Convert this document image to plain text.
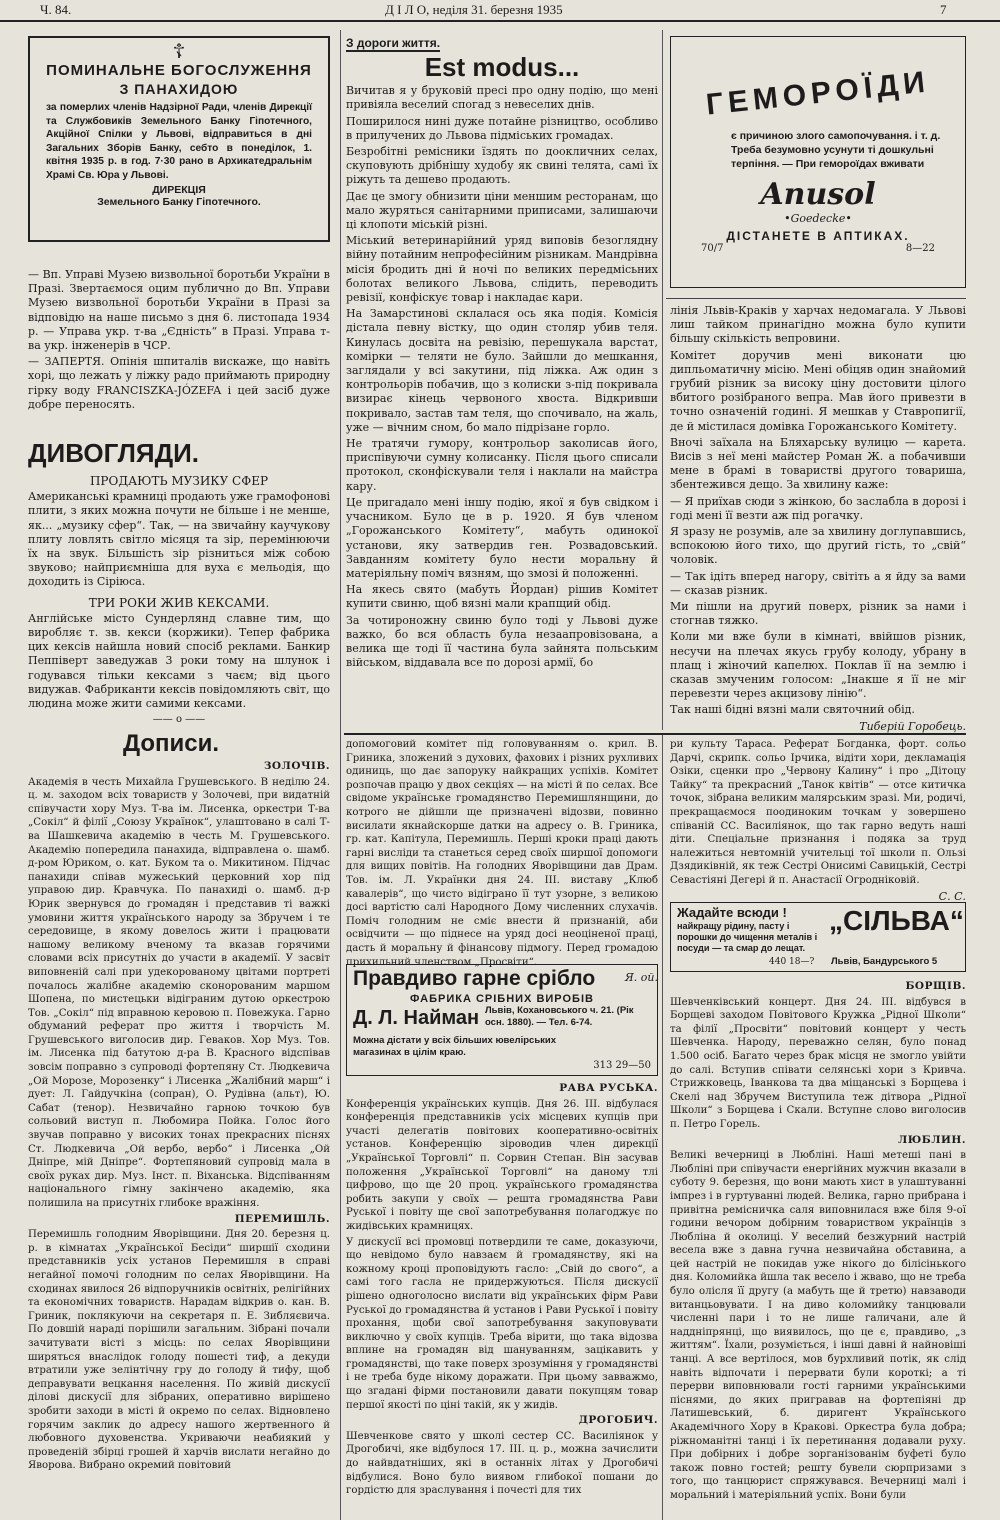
Ч. 84.	Д І Л О, неділя 31. березня 1935	7
☦
ПОМИНАЛЬНЕ БОГОСЛУЖЕННЯ
З ПАНАХИДОЮ
за померлих членів Надзірної Ради, членів Дирекції та Службовиків Земельного Банку Гіпотечного, Акційної Спілки у Львові, відправиться в дні Загальних Зборів Банку, себто в понеділок, 1. квітня 1935 р. в год. 7·30 рано в Архикатедральнім Храмі Св. Юра у Львові.
ДИРЕКЦІЯ
Земельного Банку Гіпотечного.

— Вп. Управі Музею визвольної боротьби України в Празі. Звертаємося оцим публично до Вп. Управи Музею визвольної боротьби України в Празі за відповідю на наше письмо з дня 6. листопада 1934 р. — Управа укр. т-ва „Єдність“ в Празі. Управа т-ва укр. інженерів в ЧСР.

— ЗАПЕРТЯ. Опінія шпиталів вискаже, що навіть хорі, що лежать у ліжку радо приймають природну гірку воду FRANCISZKA-JÓZEFA і цей засіб дуже добре переносять.

ДИВОГЛЯДИ.
ПРОДАЮТЬ МУЗИКУ СФЕР

Американські крамниці продають уже грамофонові плити, з яких можна почути не більше і не менше, як... „музику сфер“. Так, — на звичайну каучукову плиту ловлять світло місяця та зір, перемінюючи їх на звук. Більшість зір різниться між собою звуково; найприємніша для вуха є мельодія, що доходить із Сіріюса.

ТРИ РОКИ ЖИВ КЕКСАМИ.

Англійське місто Сундерлянд славне тим, що виробляє т. зв. кекси (коржики). Тепер фабрика цих кексів найшла новий спосіб реклами. Банкир Пеппіверт заведужав 3 роки тому на шлунок і годувався тільки кексами з чаєм; від цього видужав. Фабриканти кексів повідомляють світ, що людина може жити самими кексами.

—— о ——
Дописи.
ЗОЛОЧІВ.

Академія в честь Михайла Грушевського. В неділю 24. ц. м. заходом всіх товариств у Золочеві, при видатній співучасти хору Муз. Т-ва ім. Лисенка, оркестри Т-ва „Сокіл“ й філії „Союзу Українок“, улаштовано в салі Т-ва Шашкевича академію в честь М. Грушевського. Академію попередила панахида, відправлена о. шамб. д-ром Юриком, о. кат. Буком та о. Микитином. Підчас панахиди співав мужеський церковний хор під управою дир. Кравчука. По панахиді о. шамб. д-р Юрик звернувся до громадян і представив ті важкі умовини життя українського народу за Збручем і те середовище, в якому довелось жити і працювати нашому великому вченому та вказав горячими словами всіх присутніх до участи в академії. У засвіт виповненій салі при удекорованому цвітами портреті почалось жалібне академію сконорованим маршом Шопена, по мистецьки відіграним дутою оркестрою Тов. „Сокіл“ під вправною керовою п. Повежука. Гарно обдуманий реферат про життя і творчість М. Грушевського виголосив дир. Геваков. Хор Муз. Тов. ім. Лисенка під батутою д-ра В. Красного відспівав зовсім поправно з супроводі фортепяну Ст. Людкевича „Ой Морозе, Морозенку“ і Лисенка „Жалібний марш“ і дует: Л. Гайдучкіна (сопран), О. Рудівна (альт), Ю. Сабат (тенор). Незвичайно гарною точкою був сольовий виступ п. Любомира Пойка. Голос його звучав поправно у високих тонах прекрасних піснях Ст. Людкевича „Ой вербо, вербо“ і Лисенка „Ой Дніпре, мій Дніпре“. Фортепяновий супровід мала в своїх руках дир. Муз. Інст. п. Віханська. Відспіванням національного гімну закінчено академію, яка полишила на присутніх глибоке вражіння.

ПЕРЕМИШЛЬ.

Перемишль голодним Яворівщини. Дня 20. березня ц. р. в кімнатах „Української Бесіди“ ширшії сходини представників усіх установ Перемишля в справі негайної помочі голодним по селах Яворівщини. На сходинах явилося 26 відпоручників освітніх, релігійних та економічних товариств. Нарадам відкрив о. кан. В. Гриник, поклякуючи на секретаря п. Е. Зибляєвича. По довшій нараді порішили загальним. Зібрані почали зачитувати вісті з місць: по селах Яворівщини ширяться внаслідок голоду пошесті тиф, а декуди втратили уже зелінтічну гру до голоду й тифу, щоб деправувати вецкання населення. По живій дискусії ділові дискусії для зібраних, оперативно вирішено зробити заходи в місті й окремо по селах. Відновлено горячим заклик до адресу нашого жертвенного й любовного духовенства. Укриваючи неабиякий у проведеній збірці грошей й харчів вислати негайно до Яворова. Вибрано окремий повітовий

З дороги життя.
Est modus...

Вичитав я у бруковій пресі про одну подію, що мені привіяла веселий спогад з невеселих днів.

Поширилося нині дуже потайне різництво, особливо в прилучених до Львова підміських громадах.

Безробітні ремісники їздять по доокличних селах, скуповують дрібнішу худобу як свині телята, самі їх ріжуть та дешево продають.

Дає це змогу обнизити ціни меншим ресторанам, що мало журяться санітарними приписами, залишаючи ці клопоти міській різні.

Міський ветеринарійний уряд виповів безоглядну війну потайним непрофесійним різникам. Мандрівна місія бродить дні й ночі по великих передмісьних болотах великого Львова, слідить, переводить ревізії, конфіскує товар і накладає кари.

На Замарстинові склалася ось яка подія. Комісія дістала певну вістку, що один столяр убив теля. Кинулась досвіта на ревізію, перешукала варстат, комірки — теляти не було. Зайшли до мешкання, заглядали у всі закутини, під ліжка. Аж один з контрольорів побачив, що з колиски з-під покривала визирає кінець червоного хвоста. Відкривши покривало, застав там теля, що спочивало, на жаль, уже — вічним сном, бо мало підрізане горло.

Не тратячи гумору, контрольор заколисав його, приспівуючи сумну колисанку. Після цього списали протокол, сконфіскували теля і наклали на майстра кару.

Це пригадало мені іншу подію, якої я був свідком і учасником. Було це в р. 1920. Я був членом „Горожанського Комітету“, мабуть одинокої установи, яку затвердив ген. Розвадовський. Завданням комітету було нести моральну й матеріяльну поміч вязням, що змозі й положенні.

На якесь свято (мабуть Йордан) рішив Комітет купити свиню, щоб вязні мали крапщий обід.

За чотироножну свиню було тоді у Львові дуже важко, бо вся область була незаапровізована, а велика ще тоді її частина була зайнята польським військом, віддавала все по дорозі армії, бо

ГЕМОРОЇДИ
є причиною злого самопочування. і т. д. Треба безумовно усунути ті дошкульні терпіння. — При гемороїдах вживати
Anusol
•Goedecke•
ДІСТАНЕТЕ В АПТИКАХ.
70/7	8—22

лінія Львів-Краків у харчах недомагала. У Львові лиш тайком принагідно можна було купити більшу скількість вепровини.

Комітет доручив мені виконати цю дипльоматичну місію. Мені обіцяв один знайомий грубий різник за високу ціну достовити цілого вбитого розібраного вепра. Мав його привезти в точно означеній годині. Я мешкав у Ставропигії, де й містилася домівка Горожанського Комітету.

Вночі заїхала на Бляхарську вулицю — карета. Висів з неї мені майстер Роман Ж. а побачивши мене в брамі в товаристві другого товариша, збентежився дещо. За хвилину каже:

— Я приїхав сюди з жінкою, бо заслабла в дорозі і годі мені її везти аж під рогачку.

Я зразу не розумів, але за хвилину доглупавшись, вспокоюю його тихо, що другий гість, то „свій“ чоловік.

— Так ідіть вперед нагору, світіть а я йду за вами — сказав різник.

Ми пішли на другий поверх, різник за нами і стогнав тяжко.

Коли ми вже були в кімнаті, ввійшов різник, несучи на плечах якусь грубу колоду, убрану в плащ і жіночий капелюх. Поклав її на землю і сказав змученим голосом: „Інакше я її не міг перевезти через акцизову лінію“.

Так наші бідні вязні мали святочний обід.

Тиберій Горобець.

допомоговий комітет під головуванням о. крил. В. Гриника, зложений з духових, фахових і різних рухливих одиниць, що дає запоруку найкращих успіхів. Комітет розпочав працю у двох секціях — на місті й по селах. Все свідоме українське громадянство Перемишлянщини, до котрого не дійшли ще призначені відозви, повинно висилати якнайскорше датки на адресу о. В. Гриника, гр. кат. Капітула, Перемишль. Перші кроки праці дають гарні висліди та станеться серед своїх ширшої допомоги для вищих повітів. На голодних Яворівщини дав Драм. Тов. ім. Л. Українки дня 24. ІІІ. виставу „Клюб кавалерів“, що чисто відіграно її тут узорне, з великою досі вартістю салі Народного Дому численних слухачів. Поміч голодним не сміє внести й признаній, аби освідчити — що піднесе на уряд досі неоціненої праці, дасть й моральну й фінансову підмогу. Перед громадою прихильний членством „Просвіти“.

Я. ой.
Правдиво гарне срібло
ФАБРИКА СРІБНИХ ВИРОБІВ
Д. Л. Найман Львів, Кохановського ч. 21. (Рік осн. 1880). — Тел. 6-74.
Можна дістати у всіх більших ювелірських магазинах в цілім краю.
313 29—50
РАВА РУСЬКА.

Конференція українських купців. Дня 26. ІІІ. відбулася конференція представників усіх місцевих купців при участі делегатів повітових кооперативно-освітніх установ. Конференцію зіроводив член дирекції „Української Торговлі“ п. Сорвин Степан. Він засував положення „Української Торговлі“ на даному тлі цифрово, що ще 20 проц. українського громадянства робить закупи у своїх — решта громадянства Рави Руської і повіту ще свої запотребування полагоджує по жидівських крамницях.

У дискусії всі промовці потвердили те саме, доказуючи, що невідомо було навзаєм й громадянству, які на кожному кроці проповідують гасло: „Свій до свого“, а самі того гасла не придержуються. Після дискусії рішено одноголосно вислати від українських фірм Рави Руської до громадянства й установ і Рави Руської і повіту прохання, щоби свої запотребування закуповувати виключно у своїх купців. Треба вірити, що така відозва вплине на громадян від шануванням, зацікавить у громадянстві, що таке поверх зрозуміння у громадянстві і не треба буде нікому доражати. При цьому завважмо, що згадані фірми постановили давати покупцям товар першої якості по ціні такій, як у жидів.

ДРОГОБИЧ.

Шевченкове свято у школі сестер СС. Василіянок у Дрогобичі, яке відбулося 17. ІІІ. ц. р., можна зачислити до найвдатніших, які в останніх літах у Дрогобичі відбулися. Воно було виявом глибокої пошани до гордістю для зраслування і почесті для тих

ри культу Тараса. Реферат Богданка, форт. сольо Дарчі, скрипк. сольо Ірчика, відіти хори, декламація Озіки, сценки про „Червону Калину“ і про „Дітоцу Тайку“ та прекрасний „Танок квітів“ — отсе китичка точок, зібрана великим малярським зразі. Ми, родичі, прекращаємося поодиноким точкам у зовершено співаній СС. Василіянок, що так гарно ведуть наші діти. Спеціальне признання і подяка за труд належиться невтомній учительці тої школи п. Ользі Дзядиківній, як теж Сестрі Онисимі Савицькій, Сестрі Севастіяні Дегері й п. Анастасії Огродніковій.

С. С.
Жадайте всюди !
найкращу рідину, пасту і порошки до чищення металів і посуди — та смар до лещат.
„СІЛЬВА“
440 18—? Львів, Бандурського 5
БОРЩІВ.

Шевченківський концерт. Дня 24. ІІІ. відбувся в Борщеві заходом Повітового Кружка „Рідної Школи“ та філії „Просвіти“ повітовий концерт у честь Шевченка. Народу, переважно селян, було понад 1.500 осіб. Багато через брак місця не змогло увійти до салі. Вступив співати селянські хори з Кривча. Стрижковець, Іванкова та два міщанські з Борщева і Скелі над Збручем Виступила теж дітвора „Рідної Школи“ з Борщева і Скали. Вступне слово виголосив п. Петро Горель.

ЛЮБЛИН.

Великі вечерниці в Любліні. Наші метеші пані в Любліні при співучасти енергійних мужчин вказали в суботу 9. березня, що вони мають хист в улаштуванні імпрез і в гуртуванні людей. Велика, гарно прибрана і привітна ремісничка саля виповнилася вже біля 9-ої години вечором добірним товариством українців з Любліна й околиці. У веселий безжурний настрій весела вже з давна гучна незвичайна обставина, а цей настрій не покидав уже нікого до білісінького дня. Коломийка йшла так весело і жваво, що не треба було олісля її другу (а мабуть ще й третю) навзаводи витанцьовувати. І на диво коломийку танцювали численні пари і то не лише галичани, але й наддніпрянці, що виявилось, що це є, правдиво, „з життям“. Їхали, розуміється, і інші давні й найновіші танці. А все вертілося, мов бурхливий потік, як слід навіть відпочати і перервати були короткі; а ті перерви виповнювали гості гарними українськими піснями, до яких пригравав на фортепіяні др Латишевський, б. диригент Українського Академічного Хору в Кракові. Оркестра була добра; ріжноманітні танці і їх перетинання додавали руху. При добірних і добре зорганізованім буфеті було також повно гостей; решту бувели сюрпризами з того, що танцюрист спряжувався. Вечерниці малі і моральний і матеріяльний успіх. Вони були
